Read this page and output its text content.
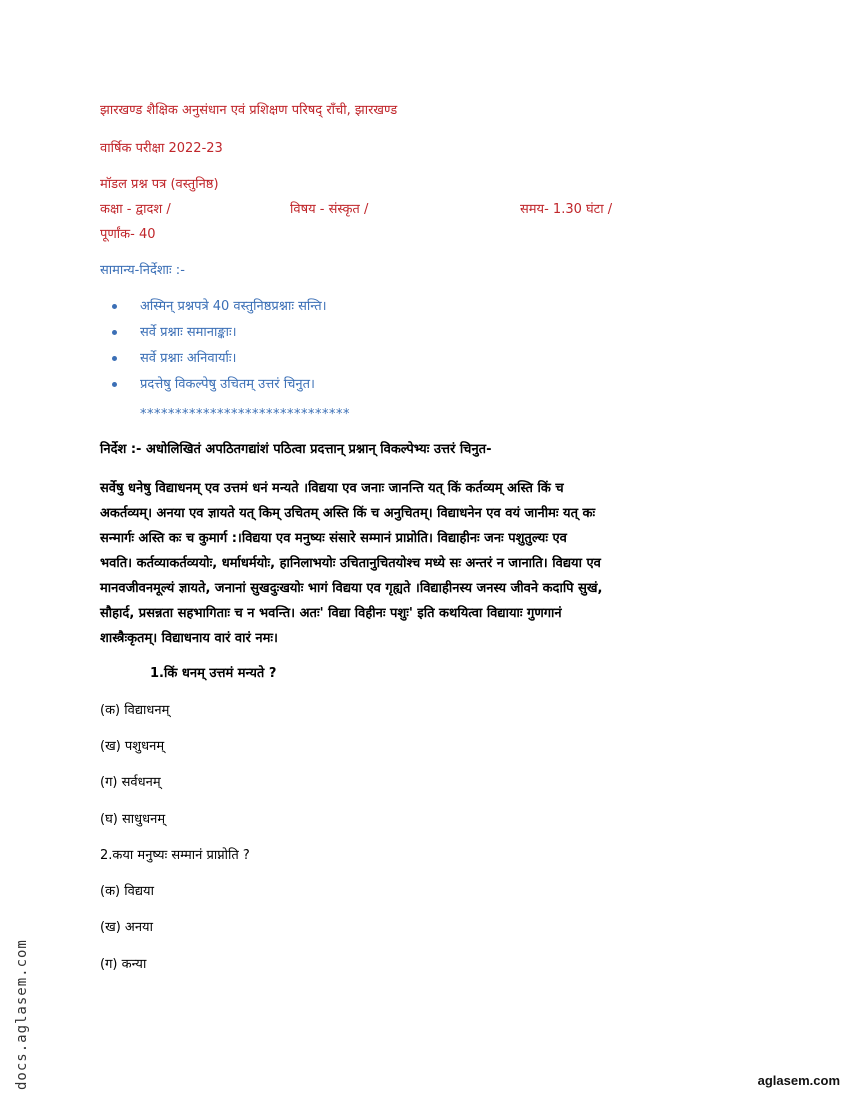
झारखण्ड शैक्षिक अनुसंधान एवं प्रशिक्षण परिषद् राँची, झारखण्ड
वार्षिक परीक्षा 2022-23
मॉडल प्रश्न पत्र (वस्तुनिष्ठ)
कक्षा - द्वादश /	विषय - संस्कृत /	समय- 1.30 घंटा /
पूर्णांक- 40
सामान्य-निर्देशाः :-
अस्मिन् प्रश्नपत्रे 40 वस्तुनिष्ठप्रश्नाः सन्ति।
सर्वे प्रश्नाः समानाङ्काः।
सर्वे प्रश्नाः अनिवार्याः।
प्रदत्तेषु विकल्पेषु उचितम् उत्तरं चिनुत।
******************************
निर्देश :- अधोलिखितं अपठितगद्यांशं पठित्वा प्रदत्तान् प्रश्नान् विकल्पेभ्यः उत्तरं चिनुत-
सर्वेषु धनेषु विद्याधनम् एव उत्तमं धनं मन्यते ।विद्यया एव जनाः जानन्ति यत् किं कर्तव्यम् अस्ति किं च
अकर्तव्यम्। अनया एव ज्ञायते यत् किम् उचितम् अस्ति किं च अनुचितम्। विद्याधनेन एव वयं जानीमः यत् कः
सन्मार्गः अस्ति कः च कुमार्ग :।विद्यया एव मनुष्यः संसारे सम्मानं प्राप्नोति। विद्याहीनः जनः पशुतुल्यः एव
भवति। कर्तव्याकर्तव्ययोः, धर्माधर्मयोः, हानिलाभयोः उचितानुचितयोश्च मध्ये सः अन्तरं न जानाति। विद्यया एव
मानवजीवनमूल्यं ज्ञायते, जनानां सुखदुःखयोः भागं विद्यया एव गृह्यते ।विद्याहीनस्य जनस्य जीवने कदापि सुखं,
सौहार्द, प्रसन्नता सहभागिताः च न भवन्ति। अतः' विद्या विहीनः पशुः' इति कथयित्वा विद्यायाः गुणगानं
शास्त्रैःकृतम्। विद्याधनाय वारं वारं नमः।
1.किं धनम् उत्तमं मन्यते ?
(क) विद्याधनम्
(ख) पशुधनम्
(ग) सर्वधनम्
(घ) साधुधनम्
2.कया मनुष्यः सम्मानं प्राप्नोति ?
(क) विद्यया
(ख) अनया
(ग) कन्या
docs.aglasem.com	aglasem.com
